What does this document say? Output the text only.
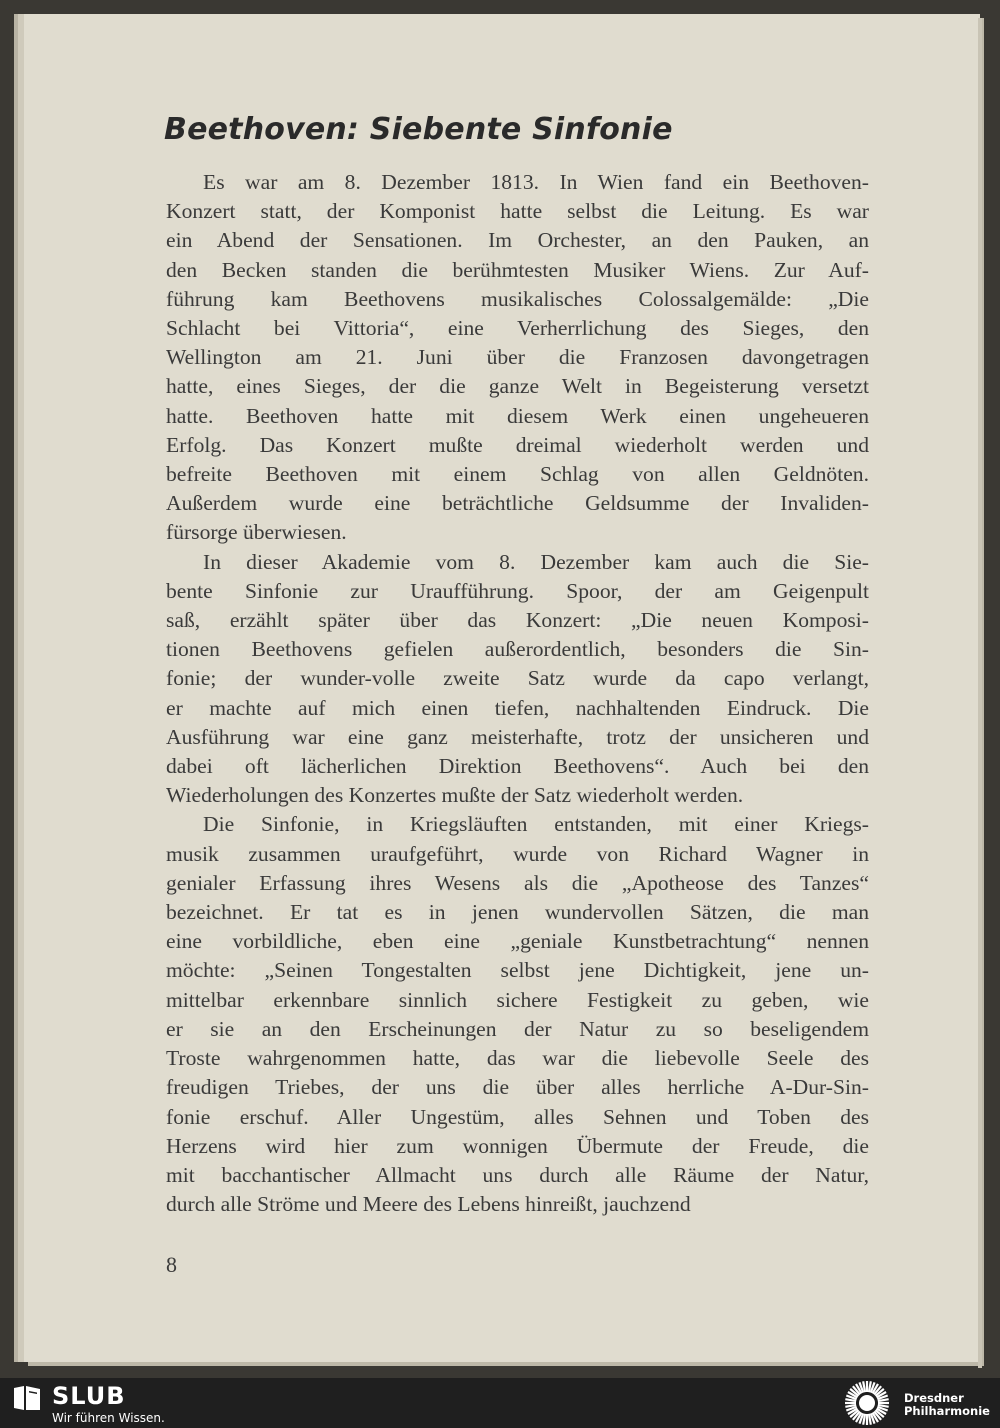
Beethoven: Siebente Sinfonie

Es war am 8. Dezember 1813. In Wien fand ein Beethoven-
Konzert statt, der Komponist hatte selbst die Leitung. Es war
ein Abend der Sensationen. Im Orchester, an den Pauken, an
den Becken standen die berühmtesten Musiker Wiens. Zur Auf-
führung kam Beethovens musikalisches Colossalgemälde: „Die
Schlacht bei Vittoria“, eine Verherrlichung des Sieges, den
Wellington am 21. Juni über die Franzosen davongetragen
hatte, eines Sieges, der die ganze Welt in Begeisterung versetzt
hatte. Beethoven hatte mit diesem Werk einen ungeheueren
Erfolg. Das Konzert mußte dreimal wiederholt werden und
befreite Beethoven mit einem Schlag von allen Geldnöten.
Außerdem wurde eine beträchtliche Geldsumme der Invaliden-
fürsorge überwiesen.

In dieser Akademie vom 8. Dezember kam auch die Sie-
bente Sinfonie zur Uraufführung. Spoor, der am Geigenpult
saß, erzählt später über das Konzert: „Die neuen Komposi-
tionen Beethovens gefielen außerordentlich, besonders die Sin-
fonie; der wunder-volle zweite Satz wurde da capo verlangt,
er machte auf mich einen tiefen, nachhaltenden Eindruck. Die
Ausführung war eine ganz meisterhafte, trotz der unsicheren und
dabei oft lächerlichen Direktion Beethovens“. Auch bei den
Wiederholungen des Konzertes mußte der Satz wiederholt werden.

Die Sinfonie, in Kriegsläuften entstanden, mit einer Kriegs-
musik zusammen uraufgeführt, wurde von Richard Wagner in
genialer Erfassung ihres Wesens als die „Apotheose des Tanzes“
bezeichnet. Er tat es in jenen wundervollen Sätzen, die man
eine vorbildliche, eben eine „geniale Kunstbetrachtung“ nennen
möchte: „Seinen Tongestalten selbst jene Dichtigkeit, jene un-
mittelbar erkennbare sinnlich sichere Festigkeit zu geben, wie
er sie an den Erscheinungen der Natur zu so beseligendem
Troste wahrgenommen hatte, das war die liebevolle Seele des
freudigen Triebes, der uns die über alles herrliche A-Dur-Sin-
fonie erschuf. Aller Ungestüm, alles Sehnen und Toben des
Herzens wird hier zum wonnigen Übermute der Freude, die
mit bacchantischer Allmacht uns durch alle Räume der Natur,
durch alle Ströme und Meere des Lebens hinreißt, jauchzend

8
SLUB
Wir führen Wissen.
Dresdner
Philharmonie
